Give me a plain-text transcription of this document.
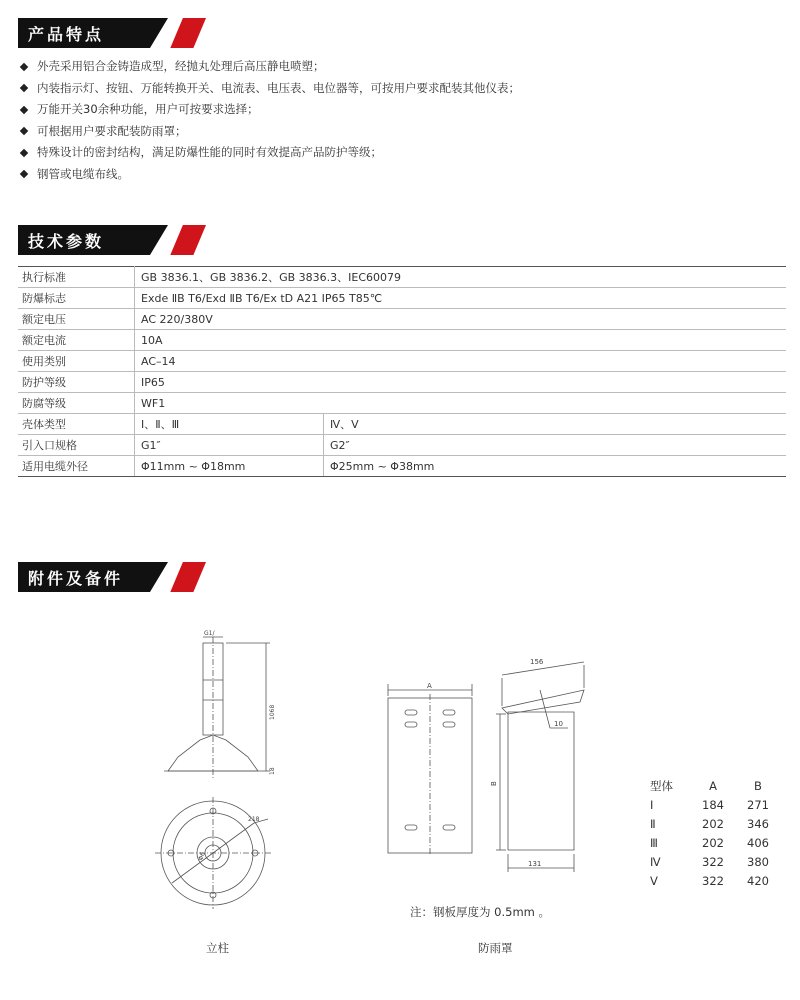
产品特点
外壳采用铝合金铸造成型，经抛丸处理后高压静电喷塑；
内装指示灯、按钮、万能转换开关、电流表、电压表、电位器等，可按用户要求配装其他仪表；
万能开关30余种功能，用户可按要求选择；
可根据用户要求配装防雨罩；
特殊设计的密封结构，满足防爆性能的同时有效提高产品防护等级；
钢管或电缆布线。
技术参数
执行标准	GB 3836.1、GB 3836.2、GB 3836.3、IEC60079	
防爆标志	Exde ⅡB T6/Exd ⅡB T6/Ex tD A21 IP65 T85℃	
额定电压	AC 220/380V	
额定电流	10A	
使用类别	AC–14	
防护等级	IP65	
防腐等级	WF1	
壳体类型	Ⅰ、Ⅱ、Ⅲ	Ⅳ、Ⅴ
引入口规格	G1″	G2″
适用电缆外径	Φ11mm ~ Φ18mm	Φ25mm ~ Φ38mm
附件及备件
G1/
1068
18
218
Φ6
A
B
156
10
131
型体	A	B
Ⅰ	184	271
Ⅱ	202	346
Ⅲ	202	406
Ⅳ	322	380
Ⅴ	322	420
注：钢板厚度为 0.5mm 。
立柱	防雨罩
